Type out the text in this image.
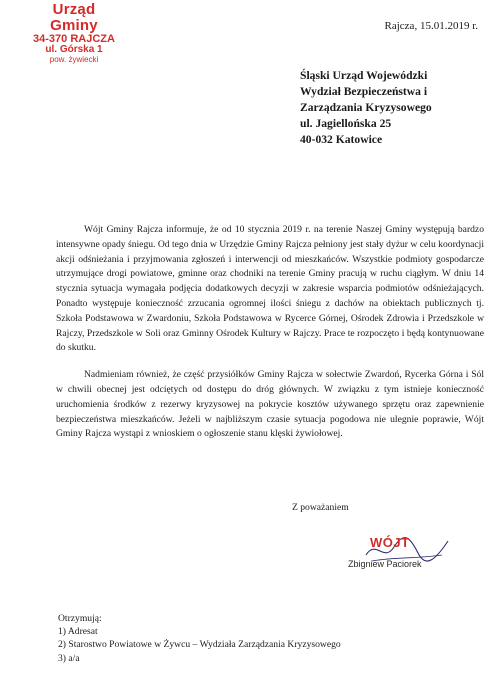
Urząd Gminy
34-370 RAJCZA
ul. Górska 1
pow. żywiecki
Rajcza, 15.01.2019 r.
Śląski Urząd Wojewódzki
Wydział Bezpieczeństwa i
Zarządzania Kryzysowego
ul. Jagiellońska 25
40-032 Katowice

Wójt Gminy Rajcza informuje, że od 10 stycznia 2019 r. na terenie Naszej Gminy występują bardzo intensywne opady śniegu. Od tego dnia w Urzędzie Gminy Rajcza pełniony jest stały dyżur w celu koordynacji akcji odśnieżania i przyjmowania zgłoszeń i interwencji od mieszkańców. Wszystkie podmioty gospodarcze utrzymujące drogi powiatowe, gminne oraz chodniki na terenie Gminy pracują w ruchu ciągłym. W dniu 14 stycznia sytuacja wymagała podjęcia dodatkowych decyzji w zakresie wsparcia podmiotów odśnieżających. Ponadto występuje konieczność zrzucania ogromnej ilości śniegu z dachów na obiektach publicznych tj. Szkoła Podstawowa w Zwardoniu, Szkoła Podstawowa w Rycerce Górnej, Ośrodek Zdrowia i Przedszkole w Rajczy, Przedszkole w Soli oraz Gminny Ośrodek Kultury w Rajczy. Prace te rozpoczęto i będą kontynuowane do skutku.

Nadmieniam również, że część przysiółków Gminy Rajcza w sołectwie Zwardoń, Rycerka Górna i Sól w chwili obecnej jest odciętych od dostępu do dróg głównych. W związku z tym istnieje konieczność uruchomienia środków z rezerwy kryzysowej na pokrycie kosztów używanego sprzętu oraz zapewnienie bezpieczeństwa mieszkańców. Jeżeli w najbliższym czasie sytuacja pogodowa nie ulegnie poprawie, Wójt Gminy Rajcza wystąpi z wnioskiem o ogłoszenie stanu klęski żywiołowej.

Z poważaniem
WÓJT
Zbigniew Paciorek
Otrzymują:
1) Adresat
2) Starostwo Powiatowe w Żywcu – Wydziała Zarządzania Kryzysowego
3) a/a
